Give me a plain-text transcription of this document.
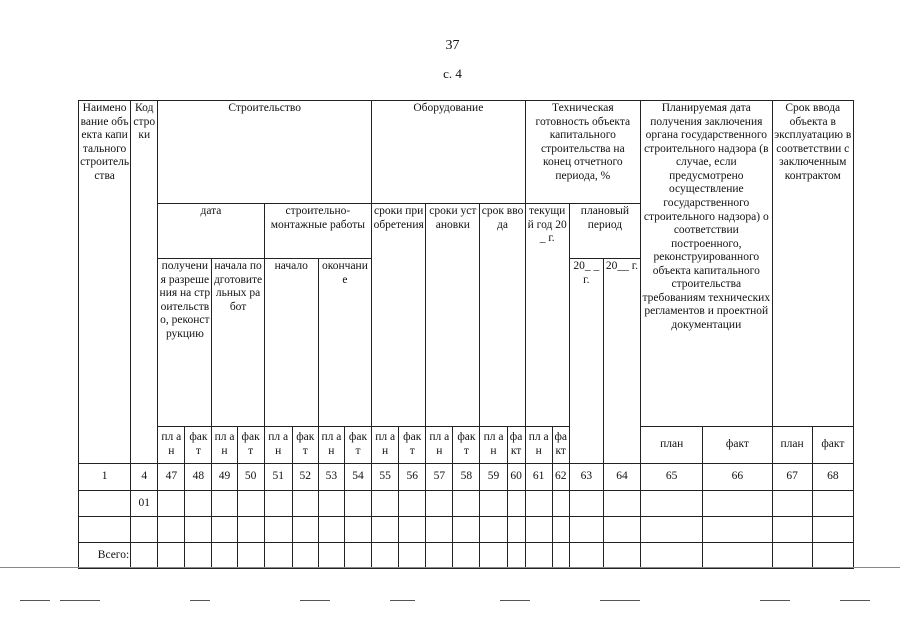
37
с. 4
Наименование объекта капитального строительства	Код строки	Строительство								Оборудование						Техническая готовность объекта капитального строительства на конец отчетного периода, %				Планируемая дата получения заключения органа государственного строительного надзора (в случае, если предусмотрено осуществление государственного строительного надзора) о соответствии построенного, реконструированного объекта капитального строительства требованиям технических регламентов и проектной документации		Срок ввода объекта в эксплуатацию в соответствии с заключенным контрактом	
		дата				строительно-монтажные работы				сроки приобретения		сроки установки		срок ввода		текущий год 20 _ г.		плановый период					
		получения разрешения на строительство, реконструкцию		начала подготовительных работ		начало		окончание										20_ _ г.	20__ г.				
		пл ан	фак т	пл ан	фак т	пл ан	фак т	пл ан	фак т	пл ан	фак т	пл ан	фак т	пл ан	фа кт	пл ан	фа кт			план	факт	план	факт
1	4	47	48	49	50	51	52	53	54	55	56	57	58	59	60	61	62	63	64	65	66	67	68
	01																						

Всего:																							
